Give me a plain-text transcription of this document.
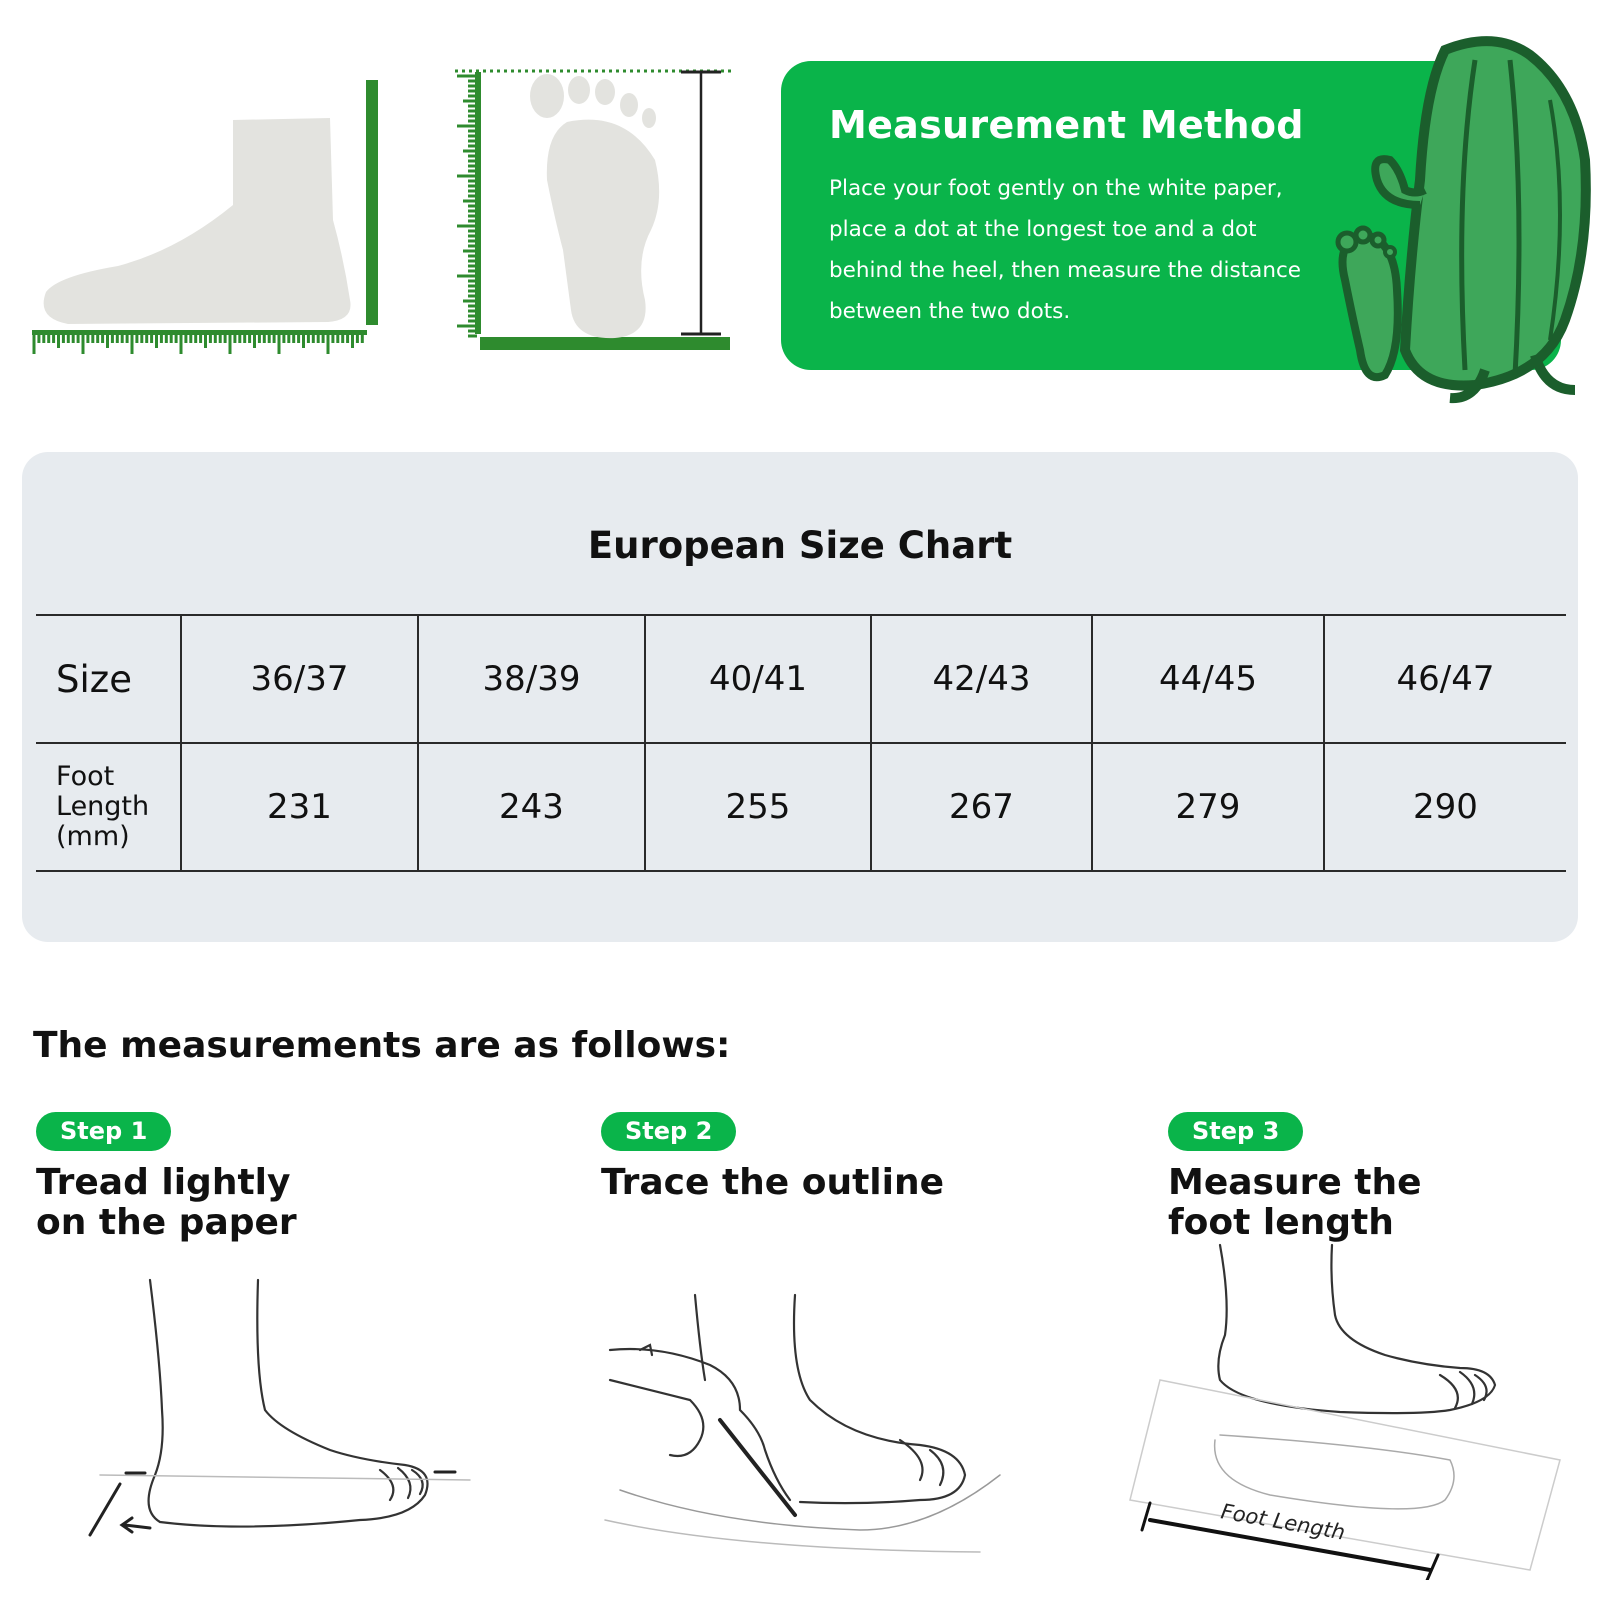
Measurement Method
Place your foot gently on the white paper, place a dot at the longest toe and a dot behind the heel, then measure the distance between the two dots.
European Size Chart
Size	36/37	38/39	40/41	42/43	44/45	46/47
Foot Length (mm)	231	243	255	267	279	290
The measurements are as follows:
Step 1
Tread lightly
on the paper
Step 2
Trace the outline
Step 3
Measure the
foot length
Foot Length
